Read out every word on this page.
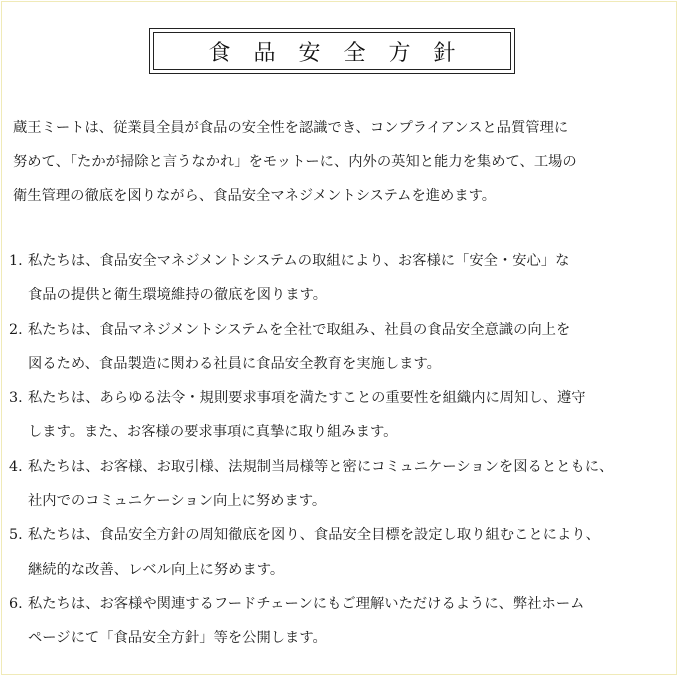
食品安全方針

蔵王ミートは、従業員全員が食品の安全性を認識でき、コンプライアンスと品質管理に

努めて、「たかが掃除と言うなかれ」をモットーに、内外の英知と能力を集めて、工場の

衛生管理の徹底を図りながら、食品安全マネジメントシステムを進めます。

1. 私たちは、食品安全マネジメントシステムの取組により、お客様に「安全・安心」な
食品の提供と衛生環境維持の徹底を図ります。
2. 私たちは、食品マネジメントシステムを全社で取組み、社員の食品安全意識の向上を
図るため、食品製造に関わる社員に食品安全教育を実施します。
3. 私たちは、あらゆる法令・規則要求事項を満たすことの重要性を組織内に周知し、遵守
します。また、お客様の要求事項に真摯に取り組みます。
4. 私たちは、お客様、お取引様、法規制当局様等と密にコミュニケーションを図るとともに、
社内でのコミュニケーション向上に努めます。
5. 私たちは、食品安全方針の周知徹底を図り、食品安全目標を設定し取り組むことにより、
継続的な改善、レベル向上に努めます。
6. 私たちは、お客様や関連するフードチェーンにもご理解いただけるように、弊社ホーム
ページにて「食品安全方針」等を公開します。
